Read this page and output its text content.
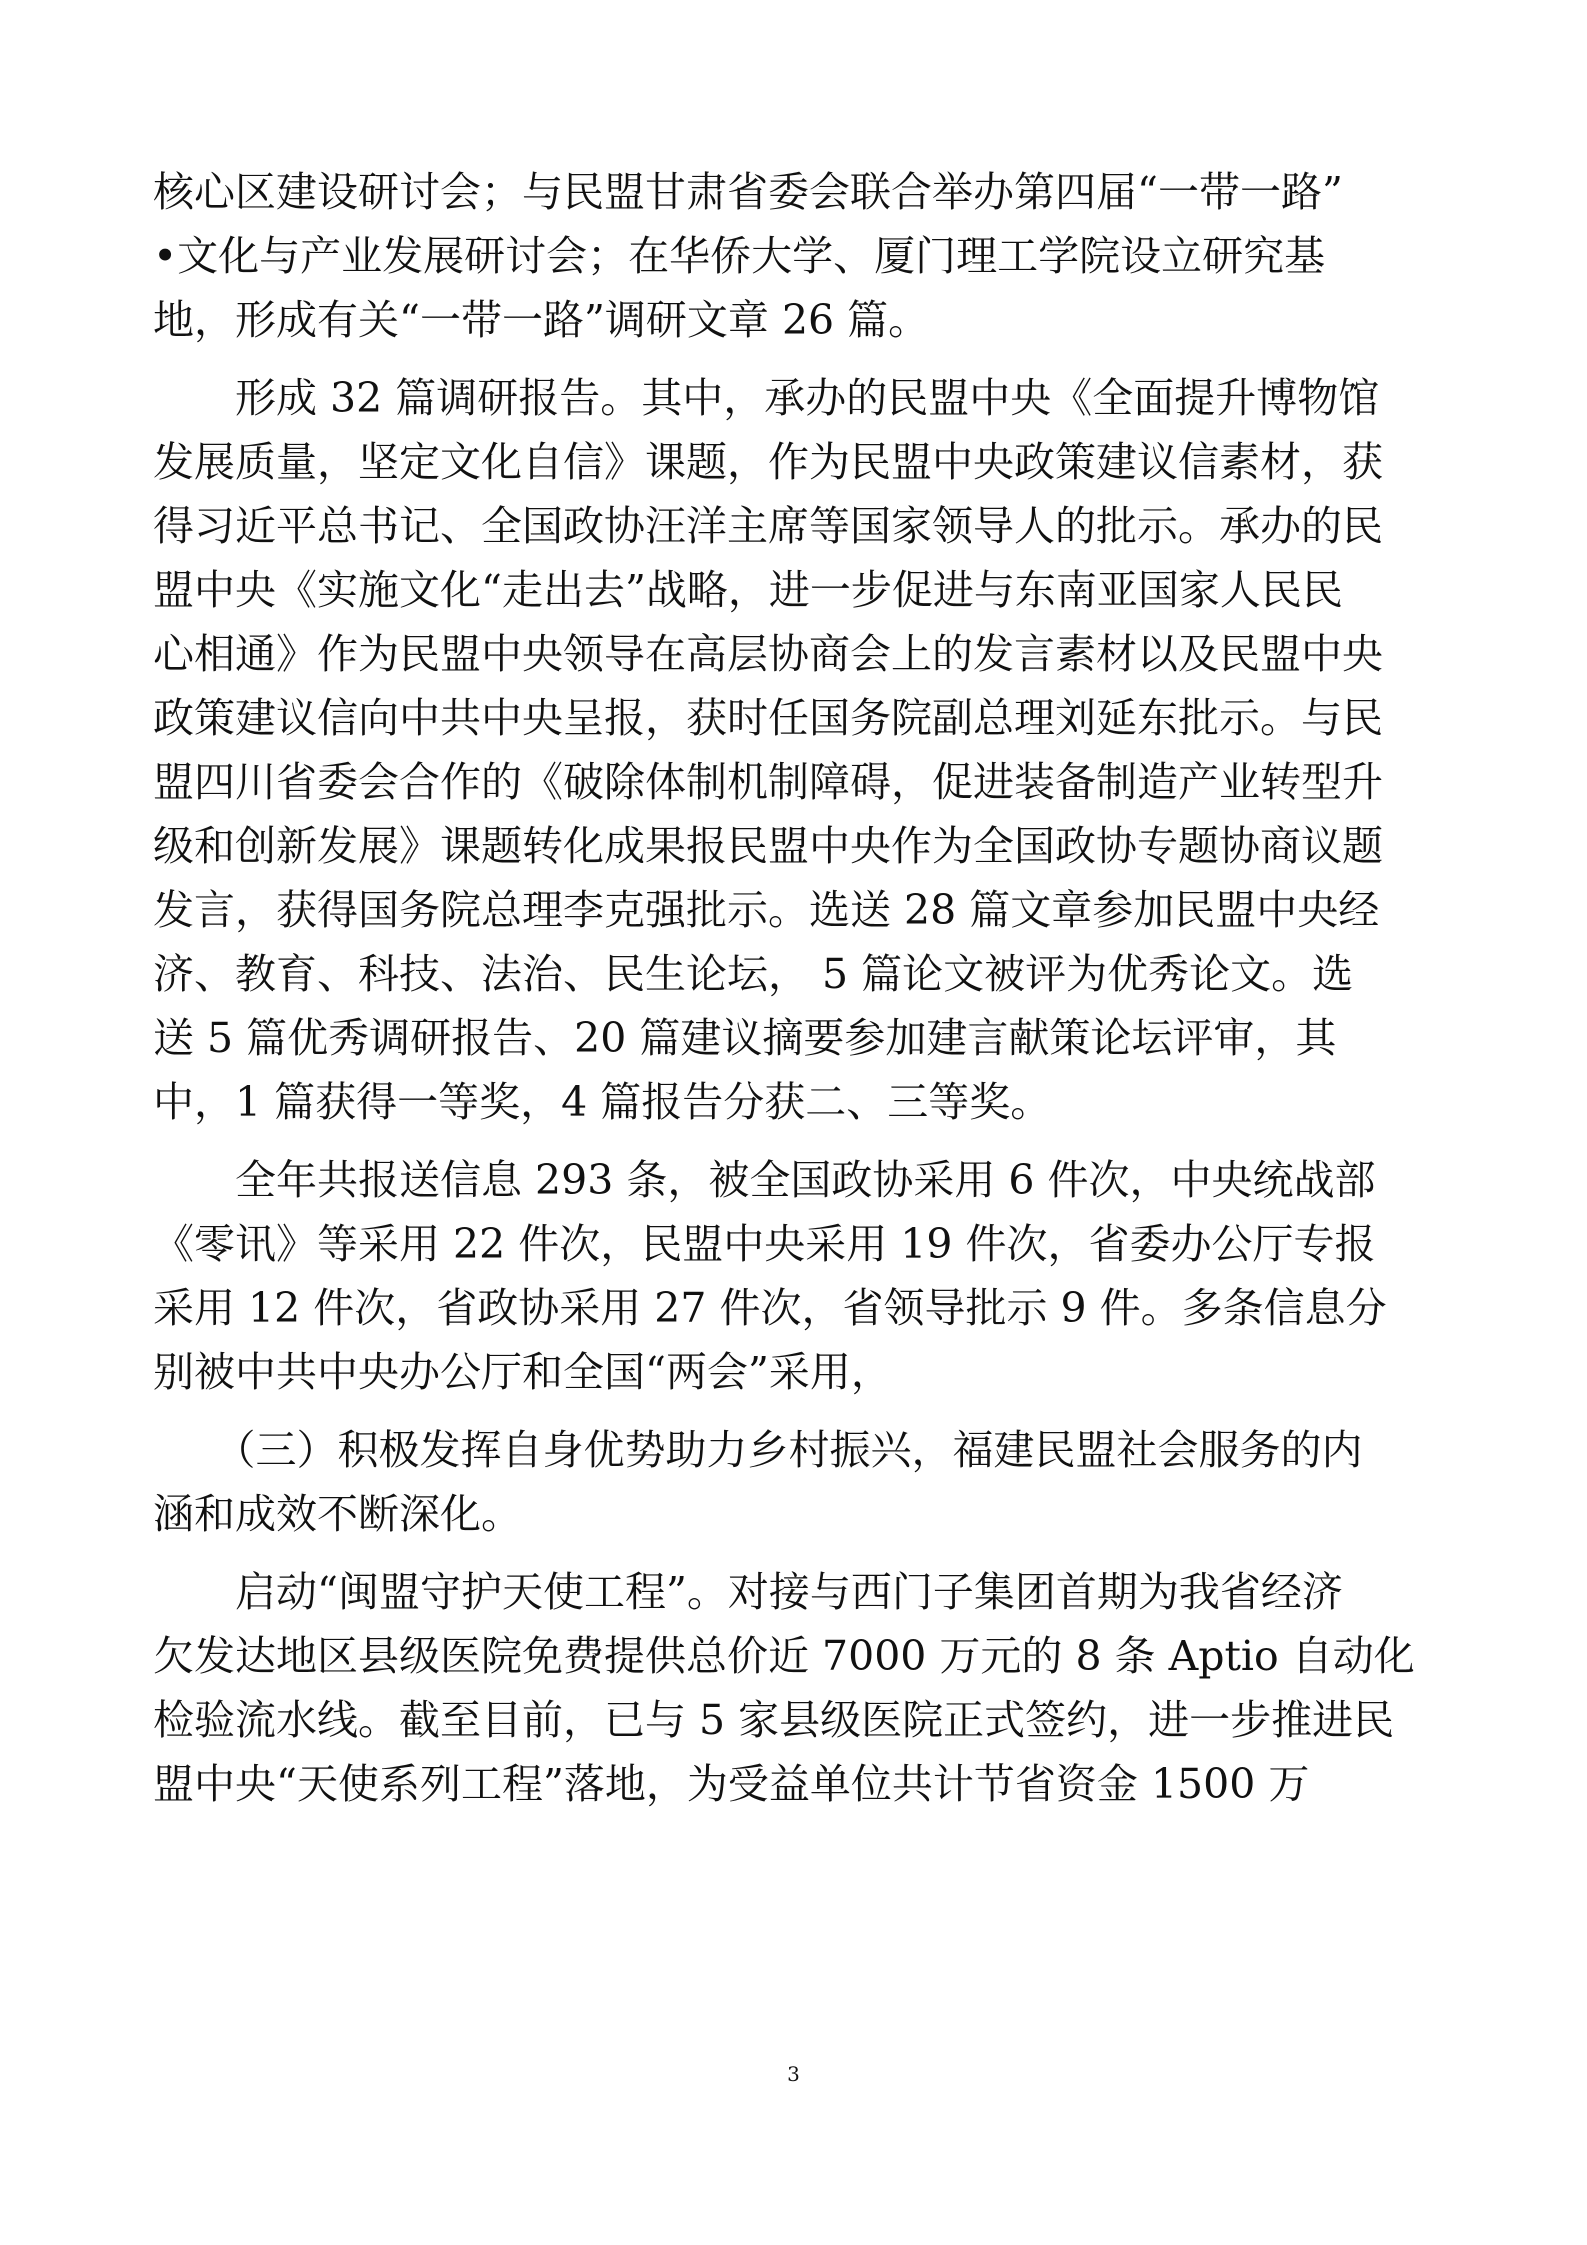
核心区建设研讨会；与民盟甘肃省委会联合举办第四届“一带一路”
•文化与产业发展研讨会；在华侨大学、厦门理工学院设立研究基
地，形成有关“一带一路”调研文章 26 篇。
　　形成 32 篇调研报告。其中，承办的民盟中央《全面提升博物馆
发展质量，坚定文化自信》课题，作为民盟中央政策建议信素材，获
得习近平总书记、全国政协汪洋主席等国家领导人的批示。承办的民
盟中央《实施文化“走出去”战略，进一步促进与东南亚国家人民民
心相通》作为民盟中央领导在高层协商会上的发言素材以及民盟中央
政策建议信向中共中央呈报，获时任国务院副总理刘延东批示。与民
盟四川省委会合作的《破除体制机制障碍，促进装备制造产业转型升
级和创新发展》课题转化成果报民盟中央作为全国政协专题协商议题
发言，获得国务院总理李克强批示。选送 28 篇文章参加民盟中央经
济、教育、科技、法治、民生论坛， 5 篇论文被评为优秀论文。选
送 5 篇优秀调研报告、20 篇建议摘要参加建言献策论坛评审，其
中，1 篇获得一等奖，4 篇报告分获二、三等奖。
　　全年共报送信息 293 条，被全国政协采用 6 件次，中央统战部
《零讯》等采用 22 件次，民盟中央采用 19 件次，省委办公厅专报
采用 12 件次，省政协采用 27 件次，省领导批示 9 件。多条信息分
别被中共中央办公厅和全国“两会”采用，
　　（三）积极发挥自身优势助力乡村振兴，福建民盟社会服务的内
涵和成效不断深化。
　　启动“闽盟守护天使工程”。对接与西门子集团首期为我省经济
欠发达地区县级医院免费提供总价近 7000 万元的 8 条 Aptio 自动化
检验流水线。截至目前，已与 5 家县级医院正式签约，进一步推进民
盟中央“天使系列工程”落地，为受益单位共计节省资金 1500 万
3
